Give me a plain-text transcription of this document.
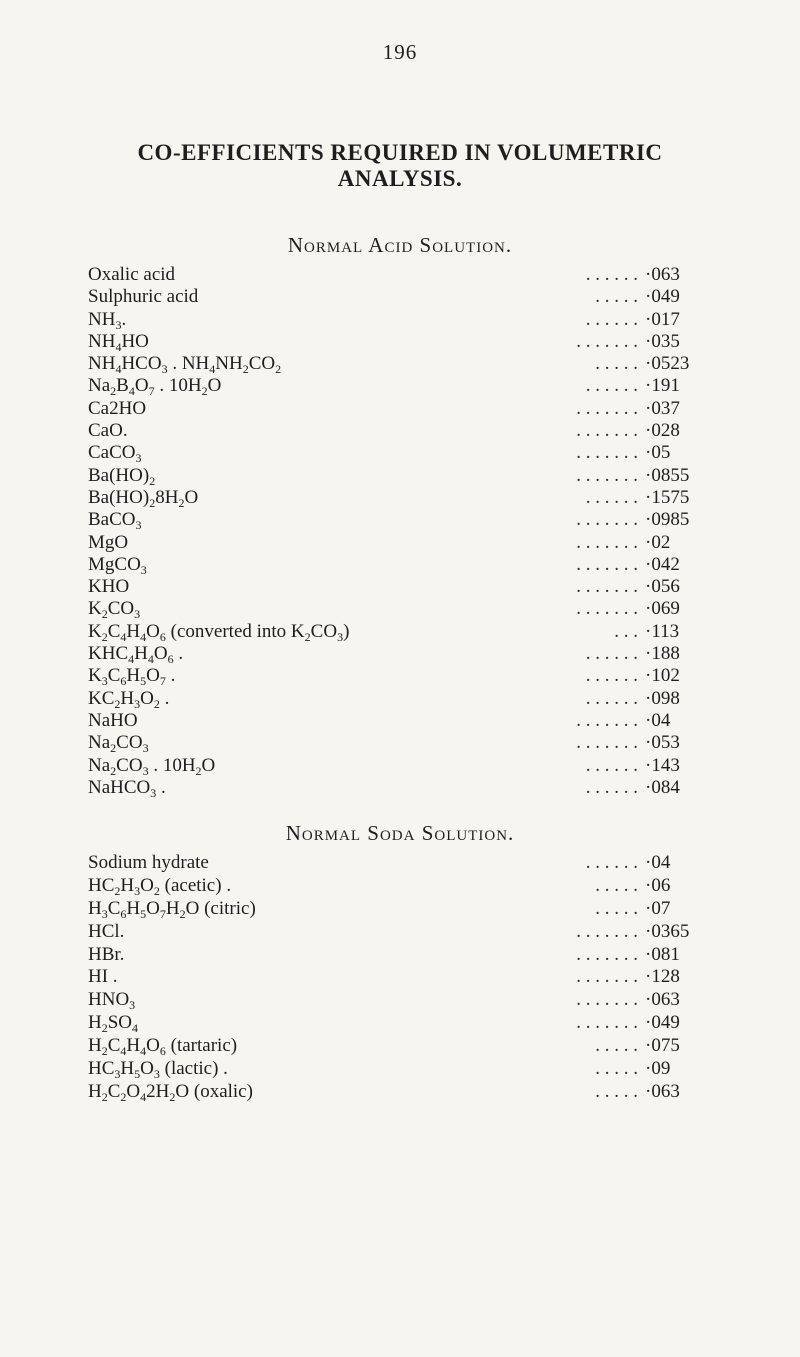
196
CO-EFFICIENTS REQUIRED IN VOLUMETRIC
ANALYSIS.
Normal Acid Solution.
. . . . . .
Oxalic acid	·063
. . . . .
Sulphuric acid	·049
. . . . . .
$NH_3$.	·017
. . . . . . .
$NH_4HO$	·035
. . . . .
$NH_4HCO_3$ . $NH_4NH_2CO_2$	·0523
. . . . . .
$Na_2B_4O_7$ . $10H_2O$	·191
. . . . . . .
Ca2HO	·037
. . . . . . .
CaO.	·028
. . . . . . .
CaCO$_3$	·05
. . . . . . .
$Ba(HO)_2$	·0855
. . . . . .
$Ba(HO)_28H_2O$	·1575
. . . . . . .
BaCO$_3$	·0985
. . . . . . .
MgO	·02
. . . . . . .
MgCO$_3$	·042
. . . . . . .
KHO	·056
. . . . . . .
$K_2CO_3$	·069
. . .
$K_2C_4H_4O_6$ (converted into $K_2CO_3$)	·113
. . . . . .
$KHC_4H_4O_6$ .	·188
. . . . . .
$K_3C_6H_5O_7$ .	·102
. . . . . .
$KC_2H_3O_2$ .	·098
. . . . . . .
NaHO	·04
. . . . . . .
$Na_2CO_3$	·053
. . . . . .
$Na_2CO_3$ . $10H_2O$	·143
. . . . . .
NaHCO$_3$ .	·084
Normal Soda Solution.
. . . . . .
Sodium hydrate	·04
. . . . .
$HC_2H_3O_2$ (acetic) .	·06
. . . . .
$H_3C_6H_5O_7H_2O$ (citric)	·07
. . . . . . .
HCl.	·0365
. . . . . . .
HBr.	·081
. . . . . . .
HI .	·128
. . . . . . .
$HNO_3$	·063
. . . . . . .
$H_2SO_4$	·049
. . . . .
$H_2C_4H_4O_6$ (tartaric)	·075
. . . . .
$HC_3H_5O_3$ (lactic) .	·09
. . . . .
$H_2C_2O_42H_2O$ (oxalic)	·063
